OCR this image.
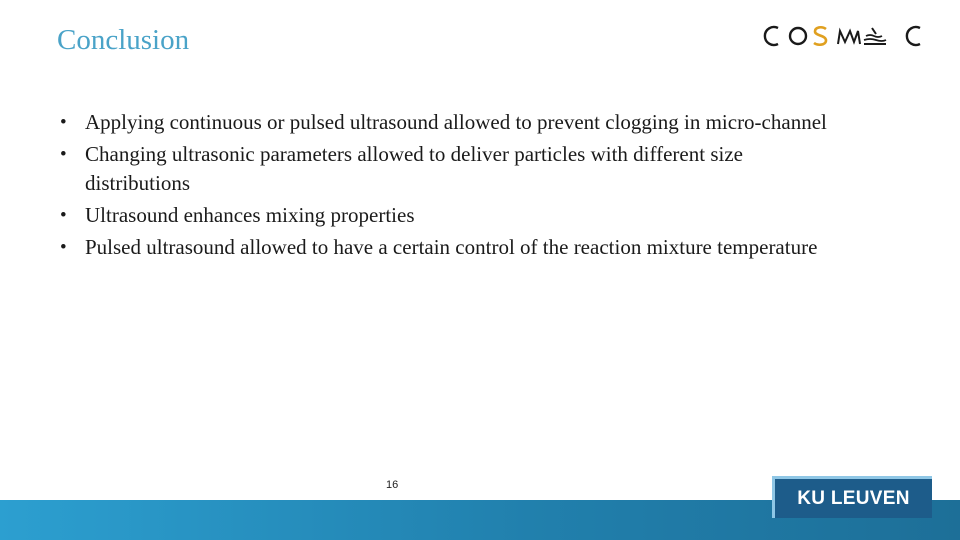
Conclusion
• Applying continuous or pulsed ultrasound allowed to prevent clogging in micro-channel
• Changing ultrasonic parameters allowed to deliver particles with different size distributions
• Ultrasound enhances mixing properties
• Pulsed ultrasound allowed to have a certain control of the reaction mixture temperature
16
KU LEUVEN
